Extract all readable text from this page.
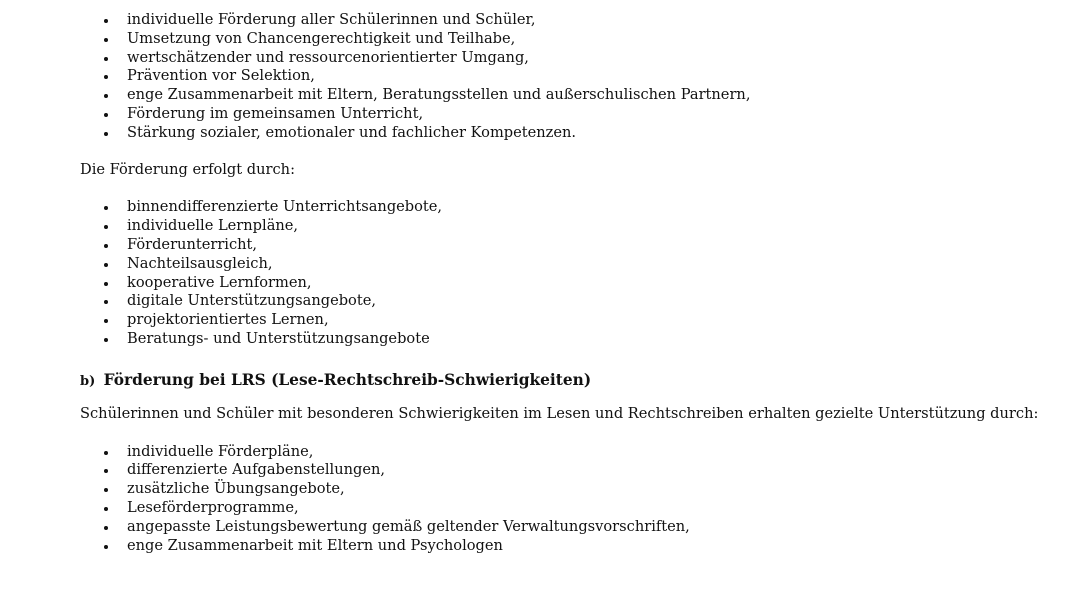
individuelle Förderung aller Schülerinnen und Schüler,
Umsetzung von Chancengerechtigkeit und Teilhabe,
wertschätzender und ressourcenorientierter Umgang,
Prävention vor Selektion,
enge Zusammenarbeit mit Eltern, Beratungsstellen und außerschulischen Partnern,
Förderung im gemeinsamen Unterricht,
Stärkung sozialer, emotionaler und fachlicher Kompetenzen.

Die Förderung erfolgt durch:

binnendifferenzierte Unterrichtsangebote,
individuelle Lernpläne,
Förderunterricht,
Nachteilsausgleich,
kooperative Lernformen,
digitale Unterstützungsangebote,
projektorientiertes Lernen,
Beratungs- und Unterstützungsangebote
b) Förderung bei LRS (Lese-Rechtschreib-Schwierigkeiten)

Schülerinnen und Schüler mit besonderen Schwierigkeiten im Lesen und Rechtschreiben erhalten gezielte Unterstützung durch:

individuelle Förderpläne,
differenzierte Aufgabenstellungen,
zusätzliche Übungsangebote,
Leseförderprogramme,
angepasste Leistungsbewertung gemäß geltender Verwaltungsvorschriften,
enge Zusammenarbeit mit Eltern und Psychologen
